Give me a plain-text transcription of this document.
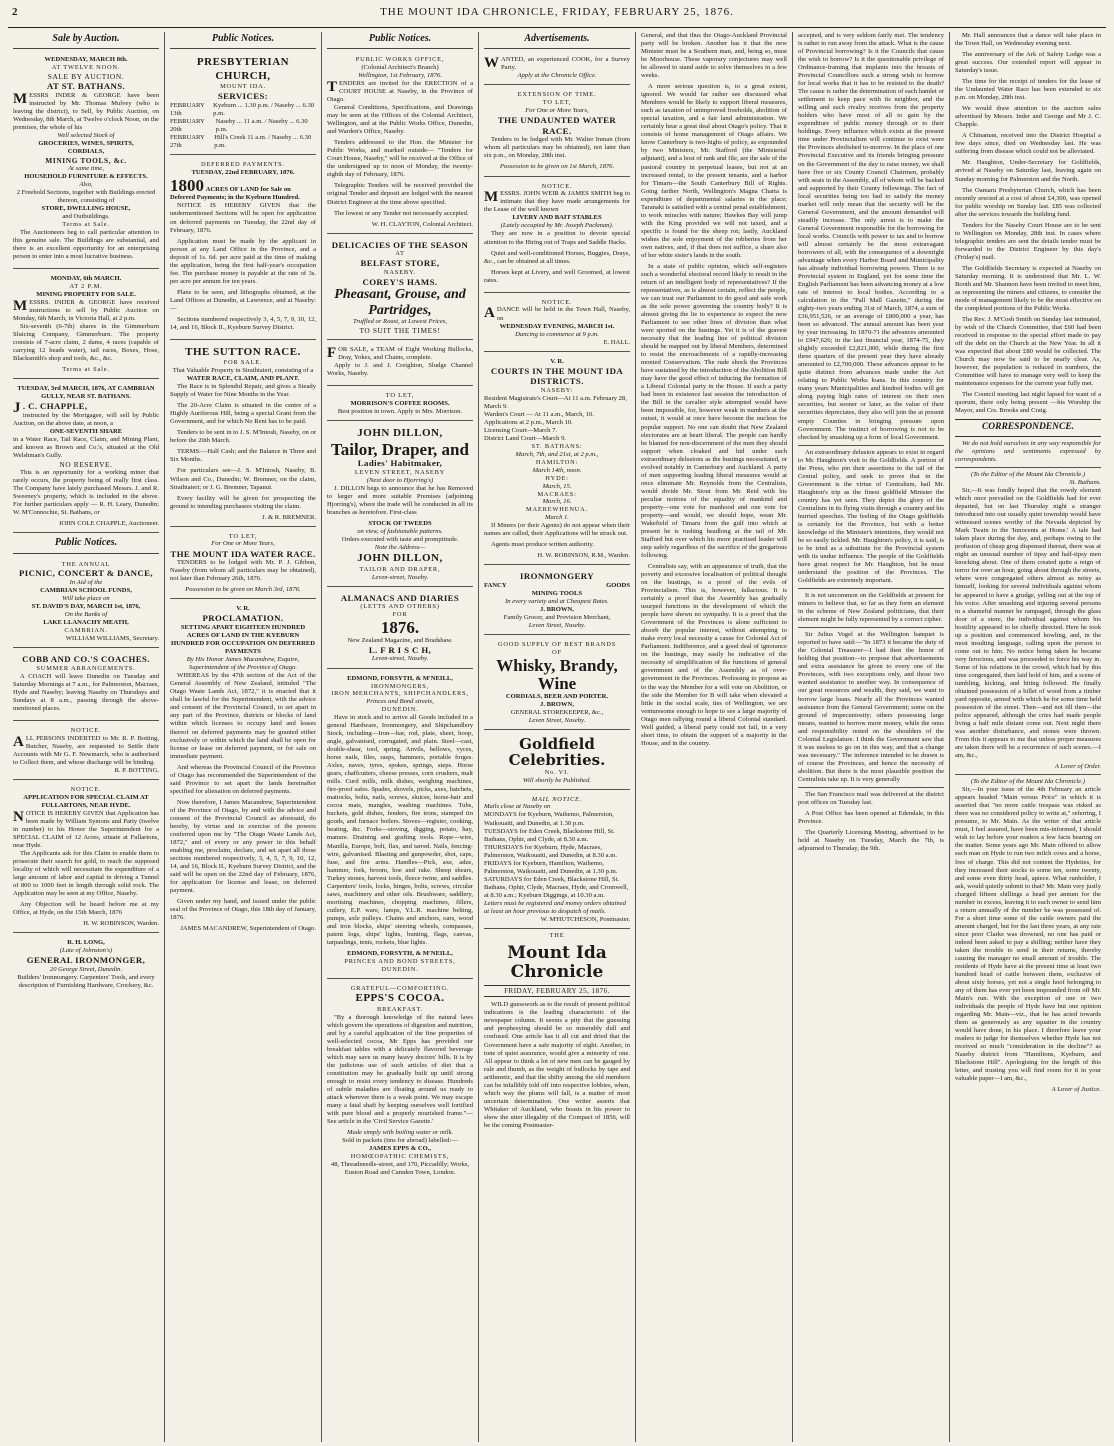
2	THE MOUNT IDA CHRONICLE, FRIDAY, FEBRUARY 25, 1876.
Sale by Auction.
WEDNESDAY, MARCH 8th.
AT TWELVE NOON.
SALE BY AUCTION.
AT ST. BATHANS.
MESSRS INDER & GEORGE have been instructed by Mr. Thomas Mulvey (who is leaving the district), to Sell, by Public Auction, on Wednesday, 8th March, at Twelve o'clock Noon, on the premises, the whole of his
Well selected Stock of
GROCERIES, WINES, SPIRITS,
CORDIALS,
MINING TOOLS, &c.
At same time,
HOUSEHOLD FURNITURE & EFFECTS.
Also,
2 Freehold Sections, together with Buildings erected thereon, consisting of
STORE, DWELLING HOUSE,
and Outbuildings.
Terms at Sale.

The Auctioneers beg to call particular attention to this genuine sale. The Buildings are substantial, and there is an excellent opportunity for an enterprising person to enter into a most lucrative business.

MONDAY, 6th MARCH.
AT 2 P.M.
MINING PROPERTY FOR SALE.
MESSRS. INDER & GEORGE have received instructions to sell by Public Auction on Monday, 6th March, in Victoria Hall, at 2 p.m.

Six-seventh (6-7th) shares in the Gimmerburn Sluicing Company, Gimmerburn. The property consists of 7-acre claim, 2 dams, 4 races (capable of carrying 12 heads water), tail races, Boxes, Hose, Blacksmith's shop and tools, &c., &c.

Terms at Sale.
TUESDAY, 3rd MARCH, 1876, AT CAMBRIAN GULLY, NEAR ST. BATHANS.
J . C. CHAPPLE,
instructed by the Mortgagee, will sell by Public Auction, on the above date, at noon, a
ONE-SEVENTH SHARE
in a Water Race, Tail Race, Claim, and Mining Plant, and known as Brown and Co.'s, situated at the Old Welshman's Gully.
NO RESERVE.

This is an opportunity for a working miner that rarely occurs, the property being of really first class. The Company have lately purchased Messrs. J. and R. Sweeney's property, which is included in the above. For further particulars apply — R. H. Leary, Dunedin; W. M'Connochie, St. Bathans, or

JOHN COLE CHAPPLE, Auctioneer.
Public Notices.
THE ANNUAL
PICNIC, CONCERT & DANCE,
In Aid of the
CAMBRIAN SCHOOL FUNDS,
Will take place on
ST. DAVID'S DAY, MARCH 1st, 1876,
On the Banks of
LAKE LLANACHY MEATH,
CAMBRIAN.
WILLIAM WILLIAMS, Secretary.
COBB AND CO.'S COACHES.
SUMMER ARRANGEMENTS.

A COACH will leave Dunedin on Tuesday and Saturday Mornings at 7 a.m., for Palmerston, Macraes, Hyde and Naseby; leaving Naseby on Thursdays and Sundays at 8 a.m., passing through the above-mentioned places.

NOTICE.
ALL PERSONS INDEBTED to Mr. R. P. Botting, Butcher, Naseby, are requested to Settle their Accounts with Mr G. F. Newmarch, who is authorised to Collect them, and whose discharge will be binding.
R. P. BOTTING.
NOTICE.
APPLICATION FOR SPECIAL CLAIM AT FULLARTONS, NEAR HYDE.
NOTICE IS HEREBY GIVEN that Application has been made by William Symons and Party (twelve in number) to his Honor the Superintendent for a SPECIAL CLAIM of 12 Acres, situate at Fullartons, near Hyde.

The Applicants ask for this Claim to enable them to prosecute their search for gold, to reach the supposed locality of which will necessitate the expenditure of a large amount of labor and capital in driving a Tunnel of 800 to 1000 feet in length through solid rock. The Application may be seen at my Office, Naseby.

Any Objection will be heard before me at my Office, at Hyde, on the 15th March, 1876

H. W. ROBINSON, Warden.
R. H. LONG,
(Late of Johnston's)
GENERAL IRONMONGER,
20 George Street, Dunedin.
Builders' Ironmongery. Carpenters' Tools, and every description of Furnishing Hardware, Crockery, &c.
Public Notices.
PRESBYTERIAN CHURCH,
MOUNT IDA.
SERVICES:
FEBRUARY 13th
Kyeburn ... 1.30 p.m. / Naseby ... 6.30 p.m.
FEBRUARY 20th
Naseby ... 11 a.m. / Naseby ... 6.30 p.m.
FEBRUARY 27th
Hill's Creek 11 a.m. / Naseby ... 6.30 p.m.
DEFERRED PAYMENTS.
TUESDAY, 22nd FEBRUARY, 1876.
1800 ACRES OF LAND for Sale on Deferred Payments; in the Kyeburn Hundred.

NOTICE IS HEREBY GIVEN that the undermentioned Sections will be open for application on deferred payments on Tuesday, the 22nd day of February, 1876.

Application must be made by the applicant in person at any Land Office in the Province, and a deposit of 1s. 6d. per acre paid at the time of making the application, being the first half-year's occupation fee. The purchase money is payable at the rate of 3s. per acre per annum for ten years.

Plans to be seen, and lithographs obtained, at the Land Offices at Dunedin, at Lawrence, and at Naseby:—

Sections numbered respectively 3, 4, 5, 7, 9, 10, 12, 14, and 16, Block II., Kyeburn Survey District.

THE SUTTON RACE.
FOR SALE.
That Valuable Property in Strathtaieri, consisting of a
WATER RACE, CLAIM, AND PLANT.

The Race is in Splendid Repair, and gives a Steady Supply of Water for Nine Months in the Year.

The 20-Acre Claim is situated in the centre of a Highly Auriferous Hill, being a special Grant from the Government, and for which No Rent has to be paid.

Tenders to be sent in to J. S. M'Intosh, Naseby, on or before the 20th March.

TERMS:—Half Cash; and the Balance in Three and Six Months.

For particulars see—J. S. M'Intosh, Naseby, B. Wilson and Co., Dunedin; W. Bremner, on the claim, Strathtaieri; or J. G. Bremner, Tapanui.

Every facility will be given for prospecting the ground to intending purchasers visiting the claim.

J. & R. BREMNER.
TO LET,
For One or More Years,
THE MOUNT IDA WATER RACE.

TENDERS to be lodged with Mr. P. J. Gibbon, Naseby (from whom all particulars may be obtained), not later than February 26th, 1876.

Possession to be given on March 3rd, 1876.
V. R.
PROCLAMATION.
SETTING APART EIGHTEEN HUNDRED ACRES OF LAND IN THE KYEBURN HUNDRED FOR OCCUPATION ON DEFERRED PAYMENTS
By His Honor James Macandrew, Esquire, Superintendent of the Province of Otago.

WHEREAS by the 47th section of the Act of the General Assembly of New Zealand, intituled "The Otago Waste Lands Act, 1872," it is enacted that it shall be lawful for the Superintendent, with the advice and consent of the Provincial Council, to set apart in any part of the Province, districts or blocks of land within which licenses to occupy land and leases thereof on deferred payments may be granted either exclusively or within which the land shall be open for license or lease on deferred payment, or for sale on immediate payment.

And whereas the Provincial Council of the Province of Otago has recommended the Superintendent of the said Province to set apart the lands hereinafter specified for alienation on deferred payments.

Now therefore, I James Macandrew, Superintendent of the Province of Otago, by and with the advice and consent of the Provincial Council as aforesaid, do hereby, by virtue and in exercise of the powers conferred upon me by "The Otago Waste Lands Act, 1872," and of every or any power in this behalf enabling me, proclaim, declare, and set apart all those sections numbered respectively, 3, 4, 5, 7, 9, 10, 12, 14, and 16, Block II., Kyeburn Survey District, and the said will be open on the 22nd day of February, 1876, for application for license and lease, on deferred payment.

Given under my hand, and issued under the public seal of the Province of Otago, this 18th day of January, 1876.

JAMES MACANDREW, Superintendent of Otago.
Public Notices.
PUBLIC WORKS OFFICE,
(Colonial Architect's Branch)
Wellington, 1st February, 1876.
TENDERS are invited for the ERECTION of a COURT HOUSE at Naseby, in the Province of Otago.

General Conditions, Specifications, and Drawings may be seen at the Offices of the Colonial Architect, Wellington, and at the Public Works Office, Dunedin, and Warden's Office, Naseby.

Tenders addressed to the Hon. the Minister for Public Works, and marked outside— "Tenders for Court House, Naseby," will be received at the Office of the undersigned up to noon of Monday, the twenty-eighth day of February, 1876.

Telegraphic Tenders will be received provided the original Tender and deposit are lodged with the nearest District Engineer at the time above specified.

The lowest or any Tender not necessarily accepted.

W. H. CLAYTON, Colonial Architect.
DELICACIES OF THE SEASON
AT
BELFAST STORE,
NASEBY.
COREY'S HAMS.
Pheasant, Grouse, and Partridges,
Truffled or Roast, at Lowest Prices,
TO SUIT THE TIMES!
FOR SALE, a TEAM of Eight Working Bullocks, Dray, Yokes, and Chains, complete.

Apply to J. and J. Creighton, Sludge Channel Works, Naseby.

TO LET,
MORRISON'S COFFEE ROOMS.
Best position in town. Apply to Mrs. Morrison.
JOHN DILLON,
Tailor, Draper, and
Ladies' Habitmaker,
LEVEN STREET, NASEBY
(Next door to Hjorring's)

J. DILLON begs to announce that he has Removed to larger and more suitable Premises (adjoining Hjorring's), where the trade will be conducted in all its branches as heretofore. First-class

STOCK OF TWEEDS
on view, of fashionable patterns.
Orders executed with taste and promptitude.
Note the Address—
JOHN DILLON,
TAILOR AND DRAPER,
Leven-street, Naseby.
ALMANACS AND DIARIES
(LETTS AND OTHERS)
FOR
1876.
New Zealand Magazine, and Bradshaw.
L. F R I S C H,
Leven-street, Naseby.
EDMOND, FORSYTH, & M'NEILL,
IRONMONGERS,
IRON MERCHANTS, SHIPCHANDLERS,
Princes and Bond streets,
DUNEDIN.

Have in stock and to arrive all Goods included in a general Hardware, Ironmongery, and Shipchandlery Stock, including—Iron—bar, rod, plate, sheet, hoop, angle, galvanised, corrugated, and plain. Steel—cast, double-shear, tool, spring. Anvils, bellows, vyces, horse nails, files, rasps, hammers, portable forges. Axles, naves, tyres, spokes, springs, steps. Horse gears, chaffcutters, cheese presses, corn crushers, malt mills. Curd mills, milk dishes, weighing machines, fire-proof safes. Spades, shovels, picks, axes, hatchets, mattocks, bolts, nails, screws, sluices, horse-hair and cocoa mats, mangles, washing machines. Tubs, buckets, gold dishes, fenders, fire irons, stamped tin goods, and furnace boilers. Stoves—register, cooking, heating, &c. Forks—stoving, digging, potato, hay, manure. Draining and grafting tools. Rope—wire, Manilla, Europe, bolt, flax, and tarred. Nails, fencing-wire, galvanised. Blasting and gunpowder, shot, caps, fuse, and fire arms. Handles—Pick, axe, adze, hammer, fork, broom, hoe and rake. Sheep shears, Turkey stones, harvest tools, fleece twine, and saddles. Carpenters' tools, locks, hinges, bolts, screws, circular saws, machinery and other oils. Brushware, saddlery, mortising machines, chopping machines, fillers, cutlery, E.P. ware, lamps, Y.L.R. machine belting, pumps, axle pulleys. Chains and anchors, oars, wood and iron blocks, ships' steering wheels, compasses, patent logs, ships' lights, bunting, flags, canvas, tarpaulings, tents, rockets, blue lights.

EDMOND, FORSYTH, & M'NEILL,
PRINCES AND BOND STREETS, DUNEDIN.
GRATEFUL—COMFORTING.
EPPS'S COCOA.
BREAKFAST.

"By a thorough knowledge of the natural laws which govern the operations of digestion and nutrition, and by a careful application of the fine properties of well-selected cocoa, Mr Epps has provided our breakfast tables with a delicately flavored beverage which may save us many heavy doctors' bills. It is by the judicious use of such articles of diet that a constitution may be gradually built up until strong enough to resist every tendency to disease. Hundreds of subtle maladies are floating around us ready to attack wherever there is a weak point. We may escape many a fatal shaft by keeping ourselves well fortified with pure blood and a properly nourished frame."—See article in the 'Civil Service Gazette.'

Made simply with boiling water or milk.
Sold in packets (tins for abroad) labelled:—
JAMES EPPS & CO.,
HOMŒOPATHIC CHEMISTS,
48, Threadneedle-street, and 170, Piccadilly; Works, Euston Road and Camden Town, London.
Advertisements.
WANTED, an experienced COOK, for a Survey Party.
Apply at the Chronicle Office.
EXTENSION OF TIME.
TO LET,
For One or More Years,
THE UNDAUNTED WATER RACE.

Tenders to be lodged with Mr. Walter Inman (from whom all particulars may be obtained), not later than six p.m., on Monday, 28th inst.

Possession to be given on 1st March, 1876.
NOTICE.
MESSRS. JOHN WEIR & JAMES SMITH beg to intimate that they have made arrangements for the Lease of the well known
LIVERY AND BAIT STABLES
(Lately occupied by Mr. Joseph Packman).

They are now in a position to devote special attention to the Hiring out of Traps and Saddle Hacks.

Quiet and well-conditioned Horses, Buggies, Drays, &c., can be obtained at all times.

Horses kept at Livery, and well Groomed, at lowest rates.

NOTICE.
ADANCE will be held in the Town Hall, Naseby, on
WEDNESDAY EVENING, MARCH 1st.
Dancing to commence at 9 p.m.
E. HALL.
V. R.
COURTS IN THE MOUNT IDA DISTRICTS.
NASEBY:
Resident Magistrate's Court—At 11 a.m. February 28, March 9.
Warden's Court — At 11 a.m., March, 10.
Applications at 2 p.m., March 10.
Licensing Court—March 7.
District Land Court—March 9.
ST. BATHANS:
March, 7th, and 21st, at 2 p.m.,
HAMILTON:
March 14th, noon.
HYDE:
March, 15.
MACRAES:
March, 16.
MAEREWHENUA.
March 1.

If Miners (or their Agents) do not appear when their names are called, their Applications will be struck out.

Agents must produce written authority.

H. W. ROBINSON, R.M., Warden.
IRONMONGERY
FANCY	GOODS
MINING TOOLS
In every variety and at Cheapest Rates.
J. BROWN,
Family Grocer, and Provision Merchant,
Leven Street, Naseby.
GOOD SUPPLY OF BEST BRANDS
OF
Whisky, Brandy, Wine
CORDIALS, BEER AND PORTER.
J. BROWN,
GENERAL STOREKEEPER, &c.,
Leven Street, Naseby.
Goldfield Celebrities.
No. VI.
Will shortly be Published.
MAIL NOTICE.
Mails close at Naseby on
MONDAYS for Kyeburn, Waihemo, Palmerston, Waikouaiti, and Dunedin, at 1.30 p.m.
TUESDAYS for Eden Creek, Blackstone Hill, St. Bathans, Ophir, and Clyde, at 8.30 a.m.
THURSDAYS for Kyeburn, Hyde, Macraes, Palmerston, Waikouaiti, and Dunedin, at 8.30 a.m.
FRIDAYS for Kyeburn, Hamilton, Waihemo, Palmerston, Waikouaiti, and Dunedin, at 1.30 p.m.
SATURDAYS for Eden Creek, Blackstone Hill, St. Bathans, Ophir, Clyde, Macraes, Hyde, and Cromwell, at 8.30 a.m.; Kyeburn Diggings, at 10.30 a.m.
Letters must be registered and money orders obtained at least an hour previous to despatch of mails.
W. M'HUTCHESON, Postmaster.
THE
Mount Ida Chronicle
FRIDAY, FEBRUARY 25, 1876.

WILD guesswork as to the result of present political indications is the leading characteristic of the newspaper column. It seems a pity that the guessing and prophesying should be so miserably dull and confused. One article has it all cut and dried that the Government have a safe majority of eight. Another, in tone of quiet assurance, would give a minority of one. All appear to think a lot of new men can be gauged by rule and thumb, as the weight of bullocks by tape and arithmetic, and that the shifty among the old members can be infallibly told off into respective lobbies, when, which way the plums will fall, is a matter of most uncertain determination. One writer asserts that Whitaker of Auckland, who boasts in his power to show the utter illegality of the Compact of 1856, will be the coming Postmaster-

General, and that thus the Otago-Auckland Provincial party will be broken. Another has it that the new Minister must be a Southern man, and, being so, must be Moorhouse. These vaporary conjectures may well be allowed to stand aside to solve themselves in a few weeks.

A more serious question is, to a great extent, ignored. We would far rather see discussed what Members would be likely to support liberal measures, such as taxation of unimproved freeholds, abolition of special taxation, and a fair land administration. We certainly hear a great deal about Otago's policy. That it consists of home management of Otago affairs. We know Canterbury is two-highs of policy, as expounded by two Ministers, Mr. Stafford (the Ministerial adjutant), and a host of rank and file, are the sale of the pastoral country in perpetual leases, but not at an increased rental, to the present tenants, and a harbor for Timaru—the South Canterbury Bill of Rights. Going farther North, Wellington's Magna Charta is expenditure of departmental salaries in the place; Taranaki is satisfied with a central penal establishment, to work miracles with nature; Hawkes Bay will jump with the King provided we will not taxed, and a specific is found for the sheep rot; lastly, Auckland wishes the sole enjoyment of the robberies from her own natives, and, if that does not suffice, a share also of her white sister's lands in the south.

In a state of public opinion, which self-registers such a wonderful electoral record likely to result in the return of an intelligent body of representatives? If the representatives, as is almost certain, reflect the people, we can trust our Parliament to do good and safe work as the sole power governing the country body? It is almost giving the lie to experience to expect the new Parliament to see other lines of division than what were sported on the hustings. Yet it is of the gravest necessity that the leading line of political division should be mapped out by liberal Members, determined to resist the encroachments of a rapidly-increasing monied Conservatism. The rude shock the Provinces have sustained by the introduction of the Abolition Bill may have the good effect of inducing the formation of a Liberal Colonial party in the House. If such a party had been in existence last session the introduction of the Bill in the cavalier style attempted would have been impossible, for, however weak in numbers at the outset, it would at once have become the nucleus for popular support. No one can doubt that New Zealand electorates are at heart liberal. The people can hardly be blamed for non-discernment of the men they should support when cloaked and hid under such extraordinary delusions as the hustings necessitated, or evolved notably in Canterbury and Auckland. A party of men supporting leading liberal measures would at once eliminate Mr. Reynolds from the Centralists, would divide Mr. Stout from Mr. Reid with his peculiar notions of the equality of mankind and property—one vote for manhood and one vote for property—and would, we should hope, wean Mr. Wakefield of Timaru from the gulf into which at present he is rushing headlong at the tail of Mr. Stafford but over which his more practised leader will step safely regardless of the sacrifice of the gregarious following.

Centralists say, with an appearance of truth, that the poverty and excessive localisation of political thought on the hustings, is a proof of the evils of Provincialism. This is, however, fallacious. It is certainly a proof that the Assembly has gradually usurped functions in the development of which the people have shewn no sympathy. It is a proof that the Government of the Provinces is alone sufficient to absorb the popular interest, without attempting to make every local necessity a cause for Colonial Act of Parliament. Indifference, and a good deal of ignorance on the hustings, may easily be indicative of the necessity of simplification of the functions of general government and of the Assembly as of over-government in the Provinces. Professing to propose as to the way the Member for a will vote on Abolition, or the side the Member for B will take when elevated a little in the social scale, ties of Wellington, we are venturesome enough to hope to see a large majority of Otago men rallying round a liberal Colonial standard. Well guided, a liberal party could not fail, in a very short time, to obtain the support of a majority in the House, and in the country.

accepted, and is very seldom fairly met. The tendency is rather to run away from the attack. What is the cause of Provincial borrowing? Is it the Councils that cause the wish to borrow? Is it the questionable privilege of Ordinance-framing that implants into the breasts of Provincial Councillors such a strong wish to borrow for local works that it has to be resisted to the death? The cause is rather the determination of each hamlet or settlement to keep pace with its neighbor, and the willing and such rivalry receives from the property holders who have most of all to gain by the expenditure of public money through or to their holdings. Every influence which exists at the present time under Provincialism will continue to exist were the Provinces abolished to-morrow. In the place of one Provincial Executive and its friends bringing pressure on the Government of the day to raise money, we shall have five or six County Council Chairmen, probably with seats in the Assembly, all of whom will be backed and supported by their County followings. The fact of local securities being too bad to satisfy the money market will only mean that the security will be the General Government, and the amount demanded will steadily increase. The only arrest is to make the General Government responsible for the borrowing for local works. Councils with power to tax and to borrow will almost certainly be the most extravagant borrowers of all, with the consequence of a downright advantage when every Harbor Board and Municipality has already individual borrowing powers. There is no Provincial system in England, yet for some time the English Parliament has been advancing money at a low rate of interest to local bodies. According to a calculation in the "Pall Mall Gazette," during the eighty-two years ending 31st of March, 1874, a sum of £36,951,526, or an average of £800,000 a year, has been so advanced. The annual amount has been year by year increasing. In 1870-71 the advances amounted to £947,626; in the last financial year, 1874-75, they slightly exceeded £2,821,000, while during the first three quarters of the present year they have already amounted to £2,700,000. These advances appear to be quite distinct from advances made under the Act relating to Public Works loans. In this country for many years Municipalities and kindred bodies will get along paying high rates of interest on their own securities, but sooner or later, as the value of their securities depreciates, they also will join the at present empty Counties in bringing pressure upon Government. The instinct of borrowing is not to be checked by smashing up a form of local Government.

An extraordinary delusion appears to exist in regard to Mr. Haughton's visit to the Goldfields. A portion of the Press, who pin their assertions to the tail of the Central policy, and seek to prove that in the Government is the virtue of Centralism, hail Mr. Haughton's trip as the finest goldfield Minister the country has yet seen. They depict the glory of the Centralism in its flying visits through a country and his hurried speeches. The feeling of the Otago goldfields is certainly for the Province, but with a better knowledge of the Minister's intentions, they would not be so easily tickled. Mr. Haughton's policy, it is said, is to be tried as a substitute for the Provincial system with its undue influence. The people of the Goldfields have great respect for Mr. Haughton, but he must understand the position of the Provinces. The Goldfields are extremely important.

It is not uncommon on the Goldfields at present for miners to believe that, so far as they form an element in the scheme of New Zealand politicians, that their element might be fully represented by a correct cipher.

Sir Julius Vogel at the Wellington banquet is reported to have said:—"In 1873 it became the duty of the Colonial Treasurer—I had then the honor of holding that position—to propose that advertisements and extra assistance be given to every one of the Provinces, with two exceptions only, and those two wanted assistance in another way. In consequence of our great resources and wealth, they said, we want to borrow large loans. Nearly all the Provinces wanted assistance from the General Government; some on the ground of impecuniosity; others possessing large means, wanted to borrow more money, while the onus and responsibility rested on the shoulders of the Colonial Legislature. I think the Government saw that it was useless to go on in this way, and that a change was necessary." The inference intended to be drawn is of course the Provinces, and hence the necessity of abolition. But there is the most plausible position the Centralists take up. It is very generally

The San Francisco mail was delivered at the district post offices on Tuesday last.

A Post Office has been opened at Edendale, in this Province.

The Quarterly Licensing Meeting, advertised to be held at Naseby on Tuesday, March the 7th, is adjourned to Thursday, the 9th.

Mr. Hall announces that a dance will take place in the Town Hall, on Wednesday evening next.

The anniversary of the Ark of Safety Lodge was a great success. Our extended report will appear in Saturday's issue.

The time for the receipt of tenders for the lease of the Undaunted Water Race has been extended to six p.m. on Monday, 28th inst.

We would draw attention to the auction sales advertised by Messrs. Inder and George and Mr J. C. Chapple.

A Chinaman, received into the District Hospital a few days since, died on Wednesday last. He was suffering from disease which could not be alleviated.

Mr. Haughton, Under-Secretary for Goldfields, arrived at Naseby on Saturday last, leaving again on Sunday morning for Palmerston and the North.

The Oamaru Presbyterian Church, which has been recently erected at a cost of about £4,300, was opened for public worship on Sunday last. £85 was collected after the services towards the building fund.

Tenders for the Naseby Court House are to be sent to Wellington on Monday, 28th inst. In cases where telegraphic tenders are sent the details tender must be forwarded to the District Engineer by this day's (Friday's) mail.

The Goldfields Secretary is expected at Naseby on Saturday morning. It is understood that Mr. L. W. Booth and Mr. Shannon have been invited to meet him, as representing the miners and citizens, to consider the mode of management likely to be the most effective on the completed portions of the Public Works.

The Rev. J. M'Cosh Smith on Sunday last intimated, by wish of the Church Committee, that £60 had been received in response to the special effort made to pay off the debt on the Church at the New Year. In all it was expected that about £80 would be collected. The Church may now be said to be nearly clear. As, however, the population is reduced in numbers, the Committee will have to manage very well to keep the maintenance expenses for the current year fully met.

The Council meeting last night lapsed for want of a quorum, there only being present —his Worship the Mayor, and Crs. Brooks and Craig.

CORRESPONDENCE.

We do not hold ourselves in any way responsible for the opinions and sentiments expressed by correspondents.

(To the Editor of the Mount Ida Chronicle.)
St. Bathans.

Sir,—It was fondly hoped that the rowdy element which once prevailed on the Goldfields had for ever departed, but on last Thursday night a stranger introduced into our usually quiet township would have witnessed scenes worthy of the Nevada depicted by Mark Twain in the 'Innocents at Home.' A tale had taken place during the day, and, perhaps owing to the profusion of cheap grog dispensed thereat, there was at night an unusual number of tipsy and half-tipsy men knocking about. One of them created quite a reign of terror for over an hour, going about through the streets, where were congregated others almost as noisy as himself, looking for several individuals against whom he appeared to have a grudge, yelling out at the top of his voice. After smashing and injuring several persons in a shameful manner he rampaged, through the glass door of a store, the individual against whom his hostility appeared to be chiefly directed. Here he took up a position and commenced howling, and, in the most insulting language, calling upon the person to come out to him. No notice being taken he became very ferocious, and was proceeded to force his way in. Some of his relations in the crowd, which had by this time congregated, then laid hold of him, and a scene of tumbling, kicking, and biting followed. He finally obtained possession of a billet of wood from a timber yard opposite, armed with which he for some time held possession of the street. Then—and not till then—the police appeared, although the cries had made people living a half mile distant come out. Next night there was another disturbance, and stones were thrown. From this it appears to me that unless proper measures are taken there will be a recurrence of such scenes.—I am, &c.,

A Lover of Order.
(To the Editor of the Mount Ida Chronicle.)

Sir,—In your issue of the 4th February an article appears headed "Main versus Price" in which it is asserted that "no more cattle trespass was risked as there was no considered policy to write at," referring, I presume, to Mr. Main. As the writer of that article must, I feel assured, have been mis-informed, I should wish to lay before your readers a few facts bearing on the matter. Some years ago Mr. Main offered to allow each man on Hyde to run two milch cows and a horse, free of charge. This did not content the Hydeites, for they increased their stocks to some ten, some twenty, and some even thirty head, apiece. What runholder, I ask, would quietly submit to that? Mr. Main very justly charged fifteen shillings a head per annum for the number in excess, leaving it to each owner to send him a return annually of the number he was possessed of. For a short time some of the cattle owners paid the amount charged, but for the last three years, at any rate since poor Clarke was drowned, no one has paid or indeed been asked to pay a shilling; neither have they taken the trouble to send in their returns, thereby causing the manager no small amount of trouble. The residents of Hyde have at the present time at least two hundred head of cattle between them, exclusive of about sixty horses, yet not a single hoof belonging to any of them has ever yet been impounded from off Mr. Main's run. With the exception of one or two individuals the people of Hyde have but one opinion regarding Mr. Main—viz., that he has acted towards them as generously as any squatter in the country would have done, in his place. I therefore leave your readers to judge for themselves whether Hyde has not received so much "consideration in the decline"? as Naseby district from "Hamiltons, Kyeburn, and Blackstone Hill". Apologising for the length of this letter, and trusting you will find room for it in your valuable paper—I am, &c.,

A Lover of Justice.
